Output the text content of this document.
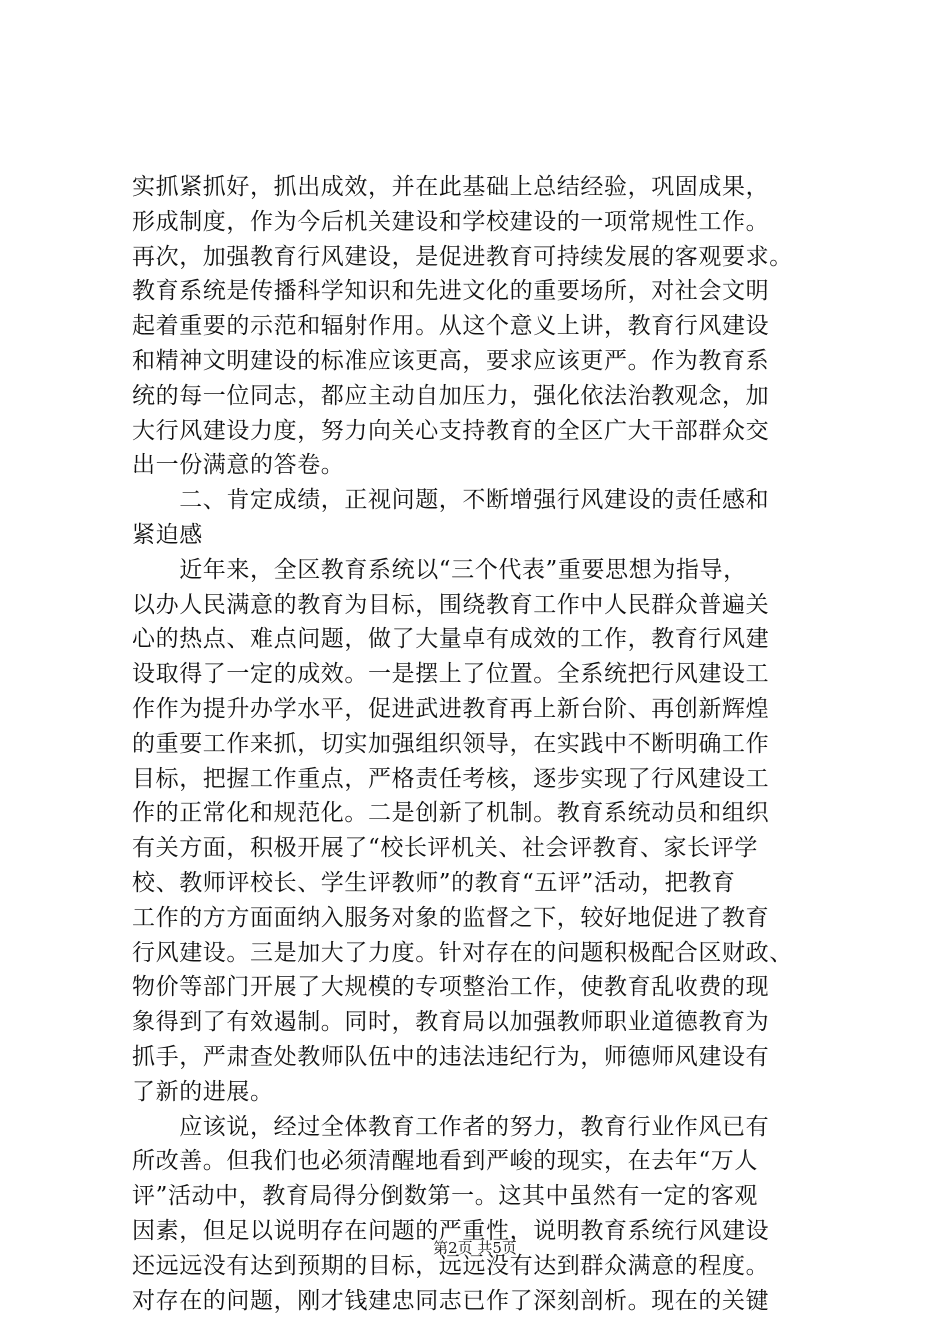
实抓紧抓好，抓出成效，并在此基础上总结经验，巩固成果，
形成制度，作为今后机关建设和学校建设的一项常规性工作。
再次，加强教育行风建设，是促进教育可持续发展的客观要求。
教育系统是传播科学知识和先进文化的重要场所，对社会文明
起着重要的示范和辐射作用。从这个意义上讲，教育行风建设
和精神文明建设的标准应该更高，要求应该更严。作为教育系
统的每一位同志，都应主动自加压力，强化依法治教观念，加
大行风建设力度，努力向关心支持教育的全区广大干部群众交
出一份满意的答卷。
　　二、肯定成绩，正视问题，不断增强行风建设的责任感和
紧迫感
　　近年来，全区教育系统以“三个代表”重要思想为指导，
以办人民满意的教育为目标，围绕教育工作中人民群众普遍关
心的热点、难点问题，做了大量卓有成效的工作，教育行风建
设取得了一定的成效。一是摆上了位置。全系统把行风建设工
作作为提升办学水平，促进武进教育再上新台阶、再创新辉煌
的重要工作来抓，切实加强组织领导，在实践中不断明确工作
目标，把握工作重点，严格责任考核，逐步实现了行风建设工
作的正常化和规范化。二是创新了机制。教育系统动员和组织
有关方面，积极开展了“校长评机关、社会评教育、家长评学
校、教师评校长、学生评教师”的教育“五评”活动，把教育
工作的方方面面纳入服务对象的监督之下，较好地促进了教育
行风建设。三是加大了力度。针对存在的问题积极配合区财政、
物价等部门开展了大规模的专项整治工作，使教育乱收费的现
象得到了有效遏制。同时，教育局以加强教师职业道德教育为
抓手，严肃查处教师队伍中的违法违纪行为，师德师风建设有
了新的进展。
　　应该说，经过全体教育工作者的努力，教育行业作风已有
所改善。但我们也必须清醒地看到严峻的现实，在去年“万人
评”活动中，教育局得分倒数第一。这其中虽然有一定的客观
因素，但足以说明存在问题的严重性，说明教育系统行风建设
还远远没有达到预期的目标，远远没有达到群众满意的程度。
对存在的问题，刚才钱建忠同志已作了深刻剖析。现在的关键
第2页 共5页
